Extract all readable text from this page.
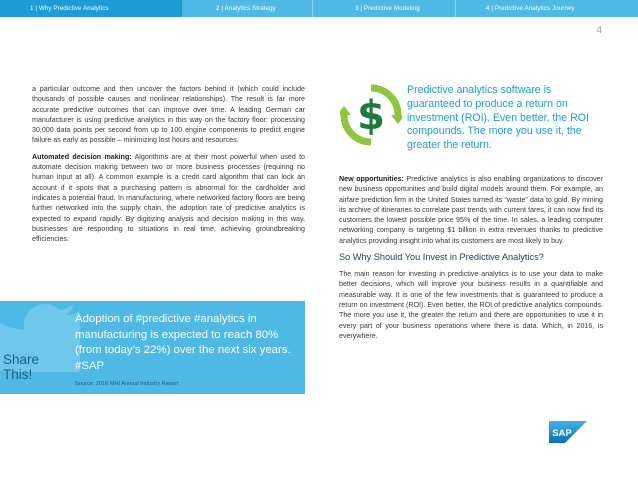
1 | Why Predictive Analytics	2 | Analytics Strategy	3 | Predictive Modeling	4 | Predictive Analytics Journey
4

a particular outcome and then uncover the factors behind it (which could include thousands of possible causes and nonlinear relationships). The result is far more accurate predictive outcomes that can improve over time. A leading German car manufacturer is using predictive analytics in this way on the factory floor: processing 30,000 data points per second from up to 100 engine components to predict engine failure as early as possible – minimizing lost hours and resources.

Automated decision making: Algorithms are at their most powerful when used to automate decision making between two or more business processes (requiring no human input at all). A common example is a credit card algorithm that can lock an account if it spots that a purchasing pattern is abnormal for the cardholder and indicates a potential fraud. In manufacturing, where networked factory floors are being further networked into the supply chain, the adoption rate of predictive analytics is expected to expand rapidly. By digitizing analysis and decision making in this way, businesses are responding to situations in real time, achieving groundbreaking efficiencies.

Share
This!
Adoption of #predictive #analytics in manufacturing is expected to reach 80% (from today’s 22%) over the next six years. #SAP
Source: 2016 MHI Annual Industry Report
$
Predictive analytics software is guaranteed to produce a return on investment (ROI). Even better, the ROI compounds. The more you use it, the greater the return.

New opportunities: Predictive analytics is also enabling organizations to discover new business opportunities and build digital models around them. For example, an airfare prediction firm in the United States turned its “waste” data to gold. By mining its archive of itineraries to correlate past trends with current fares, it can now find its customers the lowest possible price 95% of the time. In sales, a leading computer networking company is targeting $1 billion in extra revenues thanks to predictive analytics providing insight into what its customers are most likely to buy.

So Why Should You Invest in Predictive Analytics?

The main reason for investing in predictive analytics is to use your data to make better decisions, which will improve your business results in a quantifiable and measurable way. It is one of the few investments that is guaranteed to produce a return on investment (ROI). Even better, the ROI of predictive analytics compounds. The more you use it, the greater the return and there are opportunities to use it in every part of your business operations where there is data. Which, in 2016, is everywhere.

SAP
